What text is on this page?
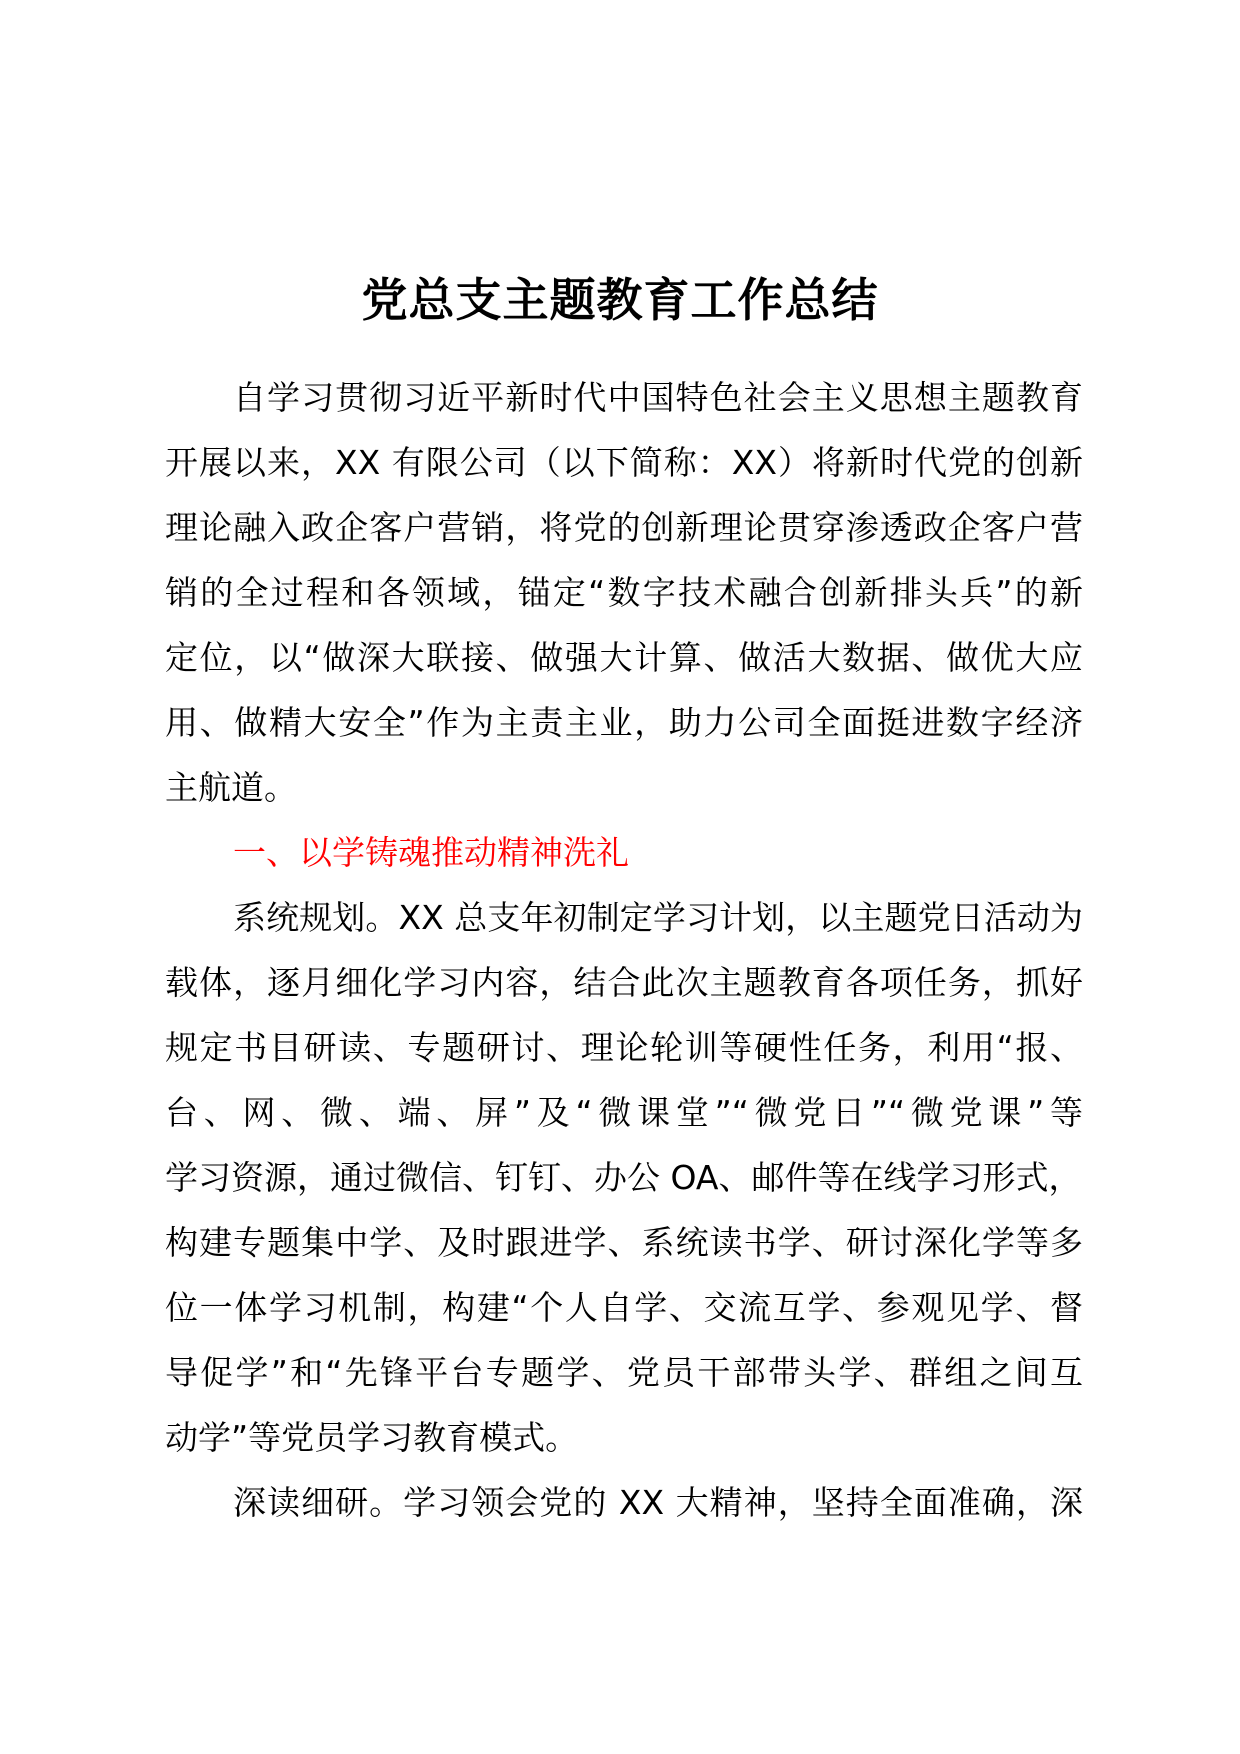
党总支主题教育工作总结
自学习贯彻习近平新时代中国特色社会主义思想主题教育
开展以来，XX 有限公司（以下简称：XX）将新时代党的创新
理论融入政企客户营销，将党的创新理论贯穿渗透政企客户营
销的全过程和各领域，锚定“数字技术融合创新排头兵”的新
定位，以“做深大联接、做强大计算、做活大数据、做优大应
用、做精大安全”作为主责主业，助力公司全面挺进数字经济
主航道。
一、以学铸魂推动精神洗礼
系统规划。XX 总支年初制定学习计划，以主题党日活动为
载体，逐月细化学习内容，结合此次主题教育各项任务，抓好
规定书目研读、专题研讨、理论轮训等硬性任务，利用“报、
台、网、微、端、屏”及“微课堂”“微党日”“微党课”等
学习资源，通过微信、钉钉、办公 OA、邮件等在线学习形式，
构建专题集中学、及时跟进学、系统读书学、研讨深化学等多
位一体学习机制，构建“个人自学、交流互学、参观见学、督
导促学”和“先锋平台专题学、党员干部带头学、群组之间互
动学”等党员学习教育模式。
深读细研。学习领会党的 XX 大精神，坚持全面准确，深
